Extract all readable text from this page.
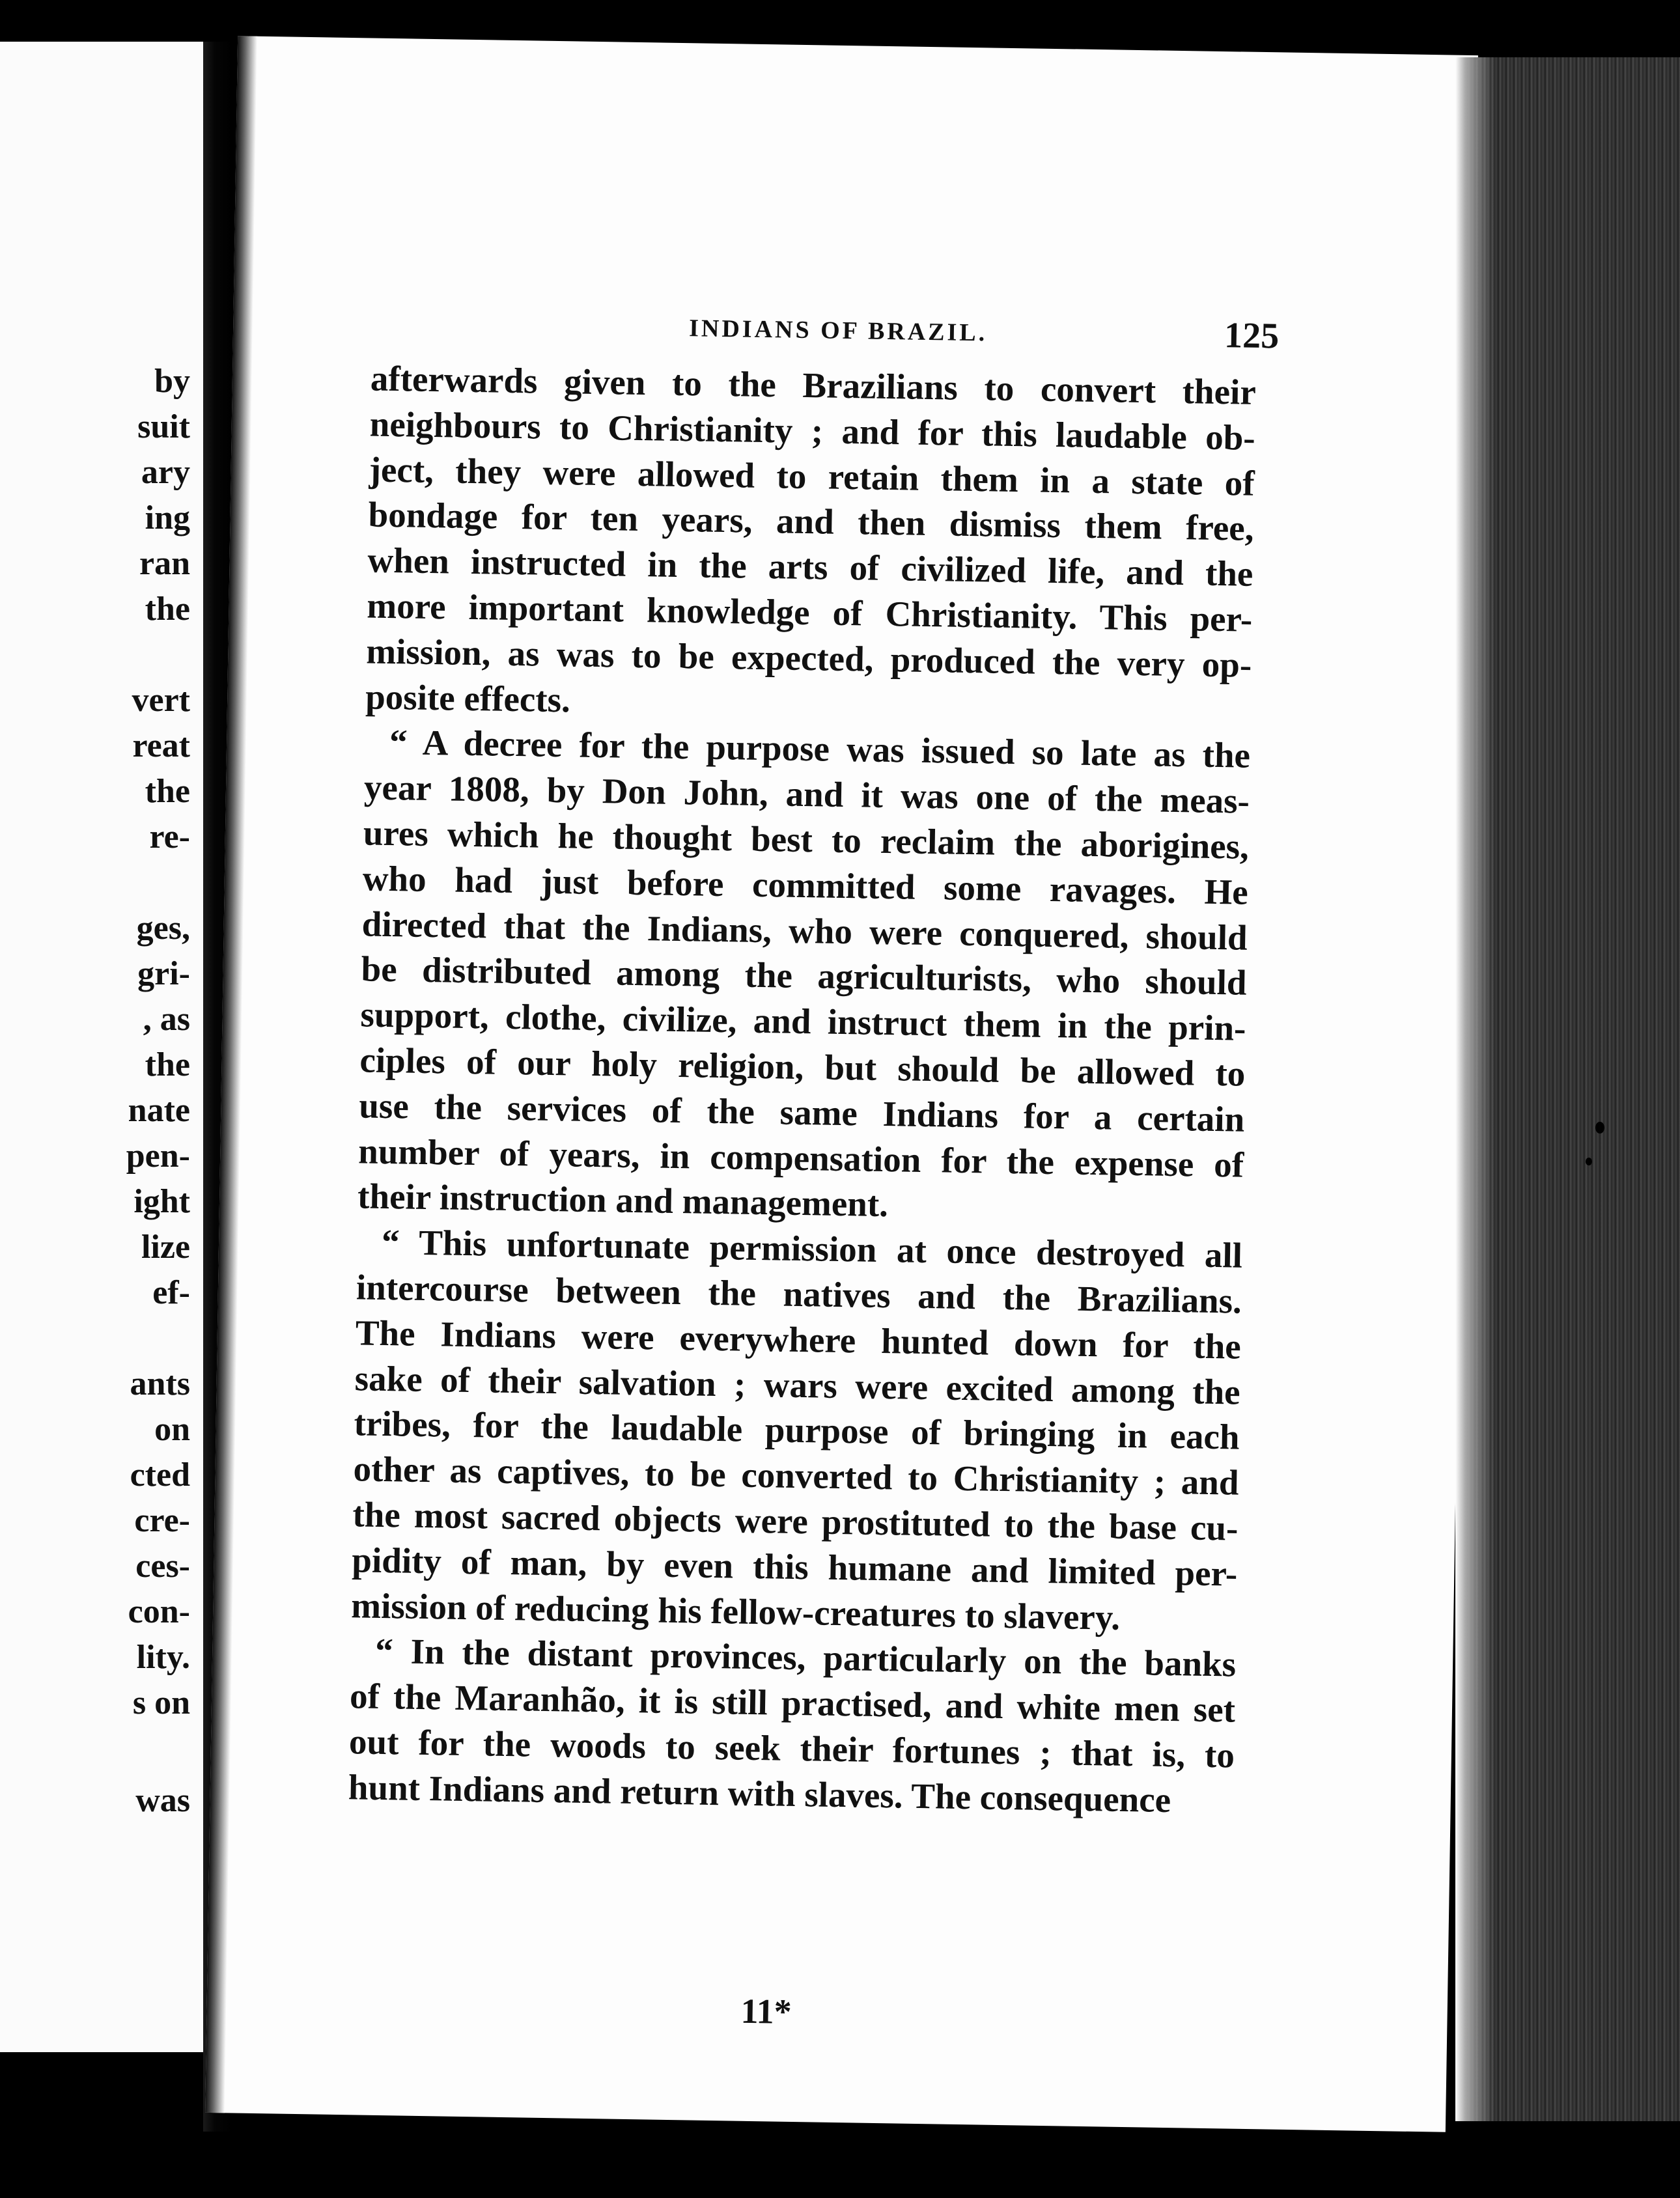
by
suit
ary
ing
ran
the
vert
reat
the
re-
ges,
gri-
, as
the
nate
pen-
ight
lize
ef-
ants
on
cted
cre-
ces-
con-
lity.
s on
was
INDIANS OF BRAZIL.	125
afterwards given to the Brazilians to convert their
neighbours to Christianity ; and for this laudable ob-
ject, they were allowed to retain them in a state of
bondage for ten years, and then dismiss them free,
when instructed in the arts of civilized life, and the
more important knowledge of Christianity. This per-
mission, as was to be expected, produced the very op-
posite effects.
“ A decree for the purpose was issued so late as the
year 1808, by Don John, and it was one of the meas-
ures which he thought best to reclaim the aborigines,
who had just before committed some ravages. He
directed that the Indians, who were conquered, should
be distributed among the agriculturists, who should
support, clothe, civilize, and instruct them in the prin-
ciples of our holy religion, but should be allowed to
use the services of the same Indians for a certain
number of years, in compensation for the expense of
their instruction and management.
“ This unfortunate permission at once destroyed all
intercourse between the natives and the Brazilians.
The Indians were everywhere hunted down for the
sake of their salvation ; wars were excited among the
tribes, for the laudable purpose of bringing in each
other as captives, to be converted to Christianity ; and
the most sacred objects were prostituted to the base cu-
pidity of man, by even this humane and limited per-
mission of reducing his fellow-creatures to slavery.
“ In the distant provinces, particularly on the banks
of the Maranhão, it is still practised, and white men set
out for the woods to seek their fortunes ; that is, to
hunt Indians and return with slaves. The consequence
11*
